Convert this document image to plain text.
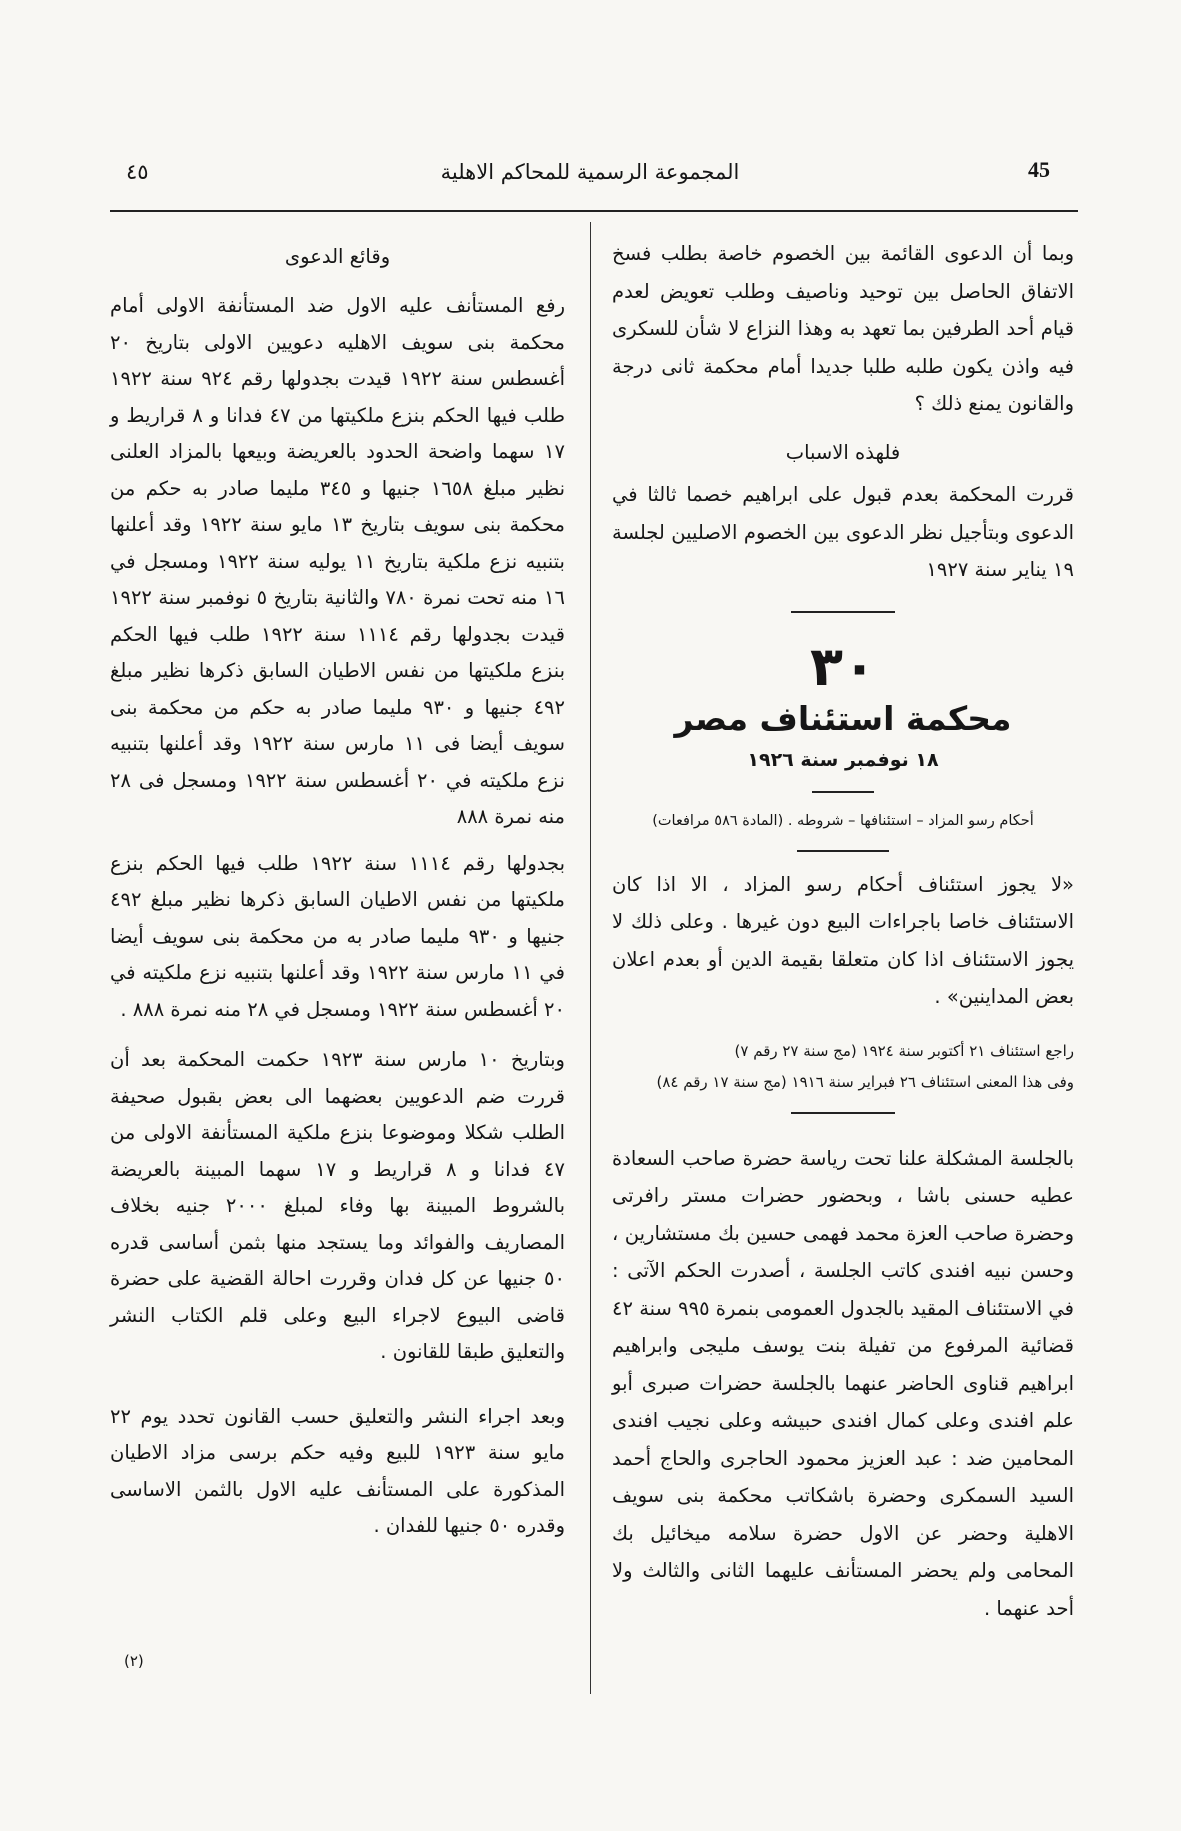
٤٥	المجموعة الرسمية للمحاكم الاهلية	45

وبما أن الدعوى القائمة بين الخصوم خاصة بطلب فسخ الاتفاق الحاصل بين توحيد وناصيف وطلب تعويض لعدم قيام أحد الطرفين بما تعهد به وهذا النزاع لا شأن للسكرى فيه واذن يكون طلبه طلبا جديدا أمام محكمة ثانى درجة والقانون يمنع ذلك ؟

فلهذه الاسباب

قررت المحكمة بعدم قبول على ابراهيم خصما ثالثا في الدعوى وبتأجيل نظر الدعوى بين الخصوم الاصليين لجلسة ١٩ يناير سنة ١٩٢٧

٣٠

محكمة استئناف مصر

١٨ نوفمبر سنة ١٩٢٦

أحكام رسو المزاد – استئنافها – شروطه . (المادة ٥٨٦ مرافعات)

«لا يجوز استئناف أحكام رسو المزاد ، الا اذا كان الاستئناف خاصا باجراءات البيع دون غيرها . وعلى ذلك لا يجوز الاستئناف اذا كان متعلقا بقيمة الدين أو بعدم اعلان بعض المداينين» .

راجع استئناف ٢١ أكتوبر سنة ١٩٢٤ (مج سنة ٢٧ رقم ٧)

وفى هذا المعنى استئناف ٢٦ فبراير سنة ١٩١٦ (مج سنة ١٧ رقم ٨٤)

بالجلسة المشكلة علنا تحت رياسة حضرة صاحب السعادة عطيه حسنى باشا ، وبحضور حضرات مستر رافرتى وحضرة صاحب العزة محمد فهمى حسين بك مستشارين ، وحسن نبيه افندى كاتب الجلسة ، أصدرت الحكم الآتى : في الاستئناف المقيد بالجدول العمومى بنمرة ٩٩٥ سنة ٤٢ قضائية المرفوع من تفيلة بنت يوسف مليجى وابراهيم ابراهيم قناوى الحاضر عنهما بالجلسة حضرات صبرى أبو علم افندى وعلى كمال افندى حبيشه وعلى نجيب افندى المحامين ضد : عبد العزيز محمود الحاجرى والحاج أحمد السيد السمكرى وحضرة باشكاتب محكمة بنى سويف الاهلية وحضر عن الاول حضرة سلامه ميخائيل بك المحامى ولم يحضر المستأنف عليهما الثانى والثالث ولا أحد عنهما .

وقائع الدعوى

رفع المستأنف عليه الاول ضد المستأنفة الاولى أمام محكمة بنى سويف الاهليه دعويين الاولى بتاريخ ٢٠ أغسطس سنة ١٩٢٢ قيدت بجدولها رقم ٩٢٤ سنة ١٩٢٢ طلب فيها الحكم بنزع ملكيتها من ٤٧ فدانا و ٨ قراريط و ١٧ سهما واضحة الحدود بالعريضة وبيعها بالمزاد العلنى نظير مبلغ ١٦٥٨ جنيها و ٣٤٥ مليما صادر به حكم من محكمة بنى سويف بتاريخ ١٣ مايو سنة ١٩٢٢ وقد أعلنها بتنبيه نزع ملكية بتاريخ ١١ يوليه سنة ١٩٢٢ ومسجل في ١٦ منه تحت نمرة ٧٨٠ والثانية بتاريخ ٥ نوفمبر سنة ١٩٢٢ قيدت بجدولها رقم ١١١٤ سنة ١٩٢٢ طلب فيها الحكم بنزع ملكيتها من نفس الاطيان السابق ذكرها نظير مبلغ ٤٩٢ جنيها و ٩٣٠ مليما صادر به حكم من محكمة بنى سويف أيضا فى ١١ مارس سنة ١٩٢٢ وقد أعلنها بتنبيه نزع ملكيته في ٢٠ أغسطس سنة ١٩٢٢ ومسجل فى ٢٨ منه نمرة ٨٨٨

بجدولها رقم ١١١٤ سنة ١٩٢٢ طلب فيها الحكم بنزع ملكيتها من نفس الاطيان السابق ذكرها نظير مبلغ ٤٩٢ جنيها و ٩٣٠ مليما صادر به من محكمة بنى سويف أيضا في ١١ مارس سنة ١٩٢٢ وقد أعلنها بتنبيه نزع ملكيته في ٢٠ أغسطس سنة ١٩٢٢ ومسجل في ٢٨ منه نمرة ٨٨٨ .

وبتاريخ ١٠ مارس سنة ١٩٢٣ حكمت المحكمة بعد أن قررت ضم الدعويين بعضهما الى بعض بقبول صحيفة الطلب شكلا وموضوعا بنزع ملكية المستأنفة الاولى من ٤٧ فدانا و ٨ قراريط و ١٧ سهما المبينة بالعريضة بالشروط المبينة بها وفاء لمبلغ ٢٠٠٠ جنيه بخلاف المصاريف والفوائد وما يستجد منها بثمن أساسى قدره ٥٠ جنيها عن كل فدان وقررت احالة القضية على حضرة قاضى البيوع لاجراء البيع وعلى قلم الكتاب النشر والتعليق طبقا للقانون .

وبعد اجراء النشر والتعليق حسب القانون تحدد يوم ٢٢ مايو سنة ١٩٢٣ للبيع وفيه حكم برسى مزاد الاطيان المذكورة على المستأنف عليه الاول بالثمن الاساسى وقدره ٥٠ جنيها للفدان .

(٢)
